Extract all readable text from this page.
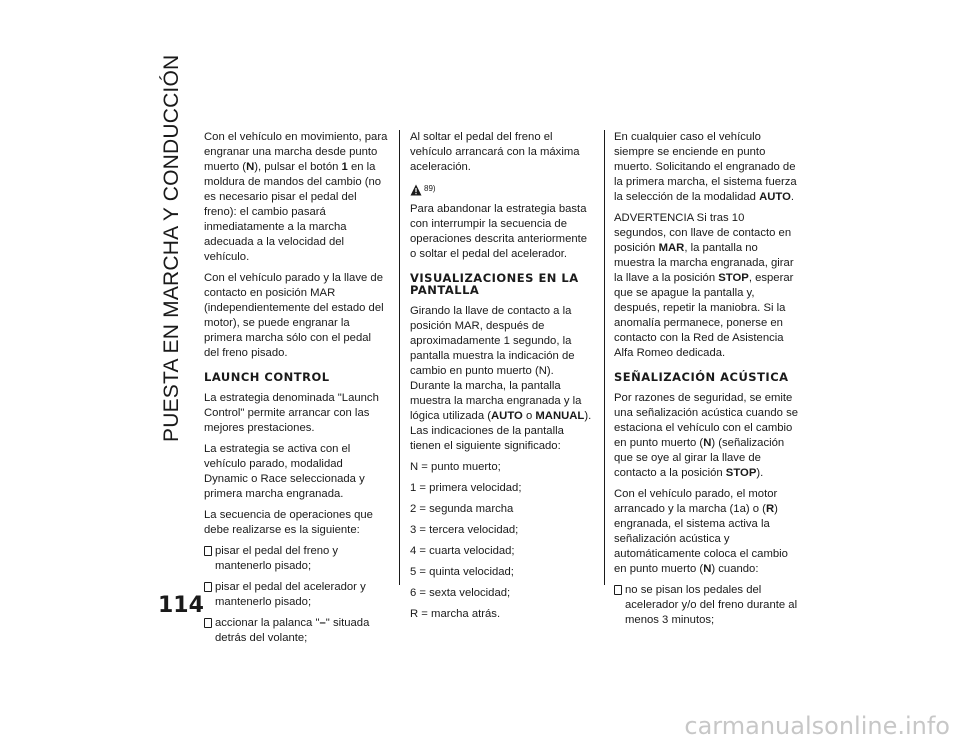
PUESTA EN MARCHA Y CONDUCCIÓN Con el vehículo en movimiento, para engranar una marcha desde punto muerto (N), pulsar el botón 1 en la moldura de mandos del cambio (no es necesario pisar el pedal del freno): el cambio pasará inmediatamente a la marcha adecuada a la velocidad del vehículo.

Con el vehículo parado y la llave de contacto en posición MAR (independientemente del estado del motor), se puede engranar la primera marcha sólo con el pedal del freno pisado.

LAUNCH CONTROL

La estrategia denominada "Launch Control" permite arrancar con las mejores prestaciones.

La estrategia se activa con el vehículo parado, modalidad Dynamic o Race seleccionada y primera marcha engranada.

La secuencia de operaciones que debe realizarse es la siguiente:

pisar el pedal del freno y mantenerlo pisado;
pisar el pedal del acelerador y mantenerlo pisado;
accionar la palanca "–" situada detrás del volante;

Al soltar el pedal del freno el vehículo arrancará con la máxima aceleración.

89)

Para abandonar la estrategia basta con interrumpir la secuencia de operaciones descrita anteriormente o soltar el pedal del acelerador.

VISUALIZACIONES EN LA PANTALLA

Girando la llave de contacto a la posición MAR, después de aproximadamente 1 segundo, la pantalla muestra la indicación de cambio en punto muerto (N). Durante la marcha, la pantalla muestra la marcha engranada y la lógica utilizada (AUTO o MANUAL). Las indicaciones de la pantalla tienen el siguiente significado:

N = punto muerto;

1 = primera velocidad;

2 = segunda marcha

3 = tercera velocidad;

4 = cuarta velocidad;

5 = quinta velocidad;

6 = sexta velocidad;

R = marcha atrás.

En cualquier caso el vehículo siempre se enciende en punto muerto. Solicitando el engranado de la primera marcha, el sistema fuerza la selección de la modalidad AUTO.

ADVERTENCIA Si tras 10 segundos, con llave de contacto en posición MAR, la pantalla no muestra la marcha engranada, girar la llave a la posición STOP, esperar que se apague la pantalla y, después, repetir la maniobra. Si la anomalía permanece, ponerse en contacto con la Red de Asistencia Alfa Romeo dedicada.

SEÑALIZACIÓN ACÚSTICA

Por razones de seguridad, se emite una señalización acústica cuando se estaciona el vehículo con el cambio en punto muerto (N) (señalización que se oye al girar la llave de contacto a la posición STOP).

Con el vehículo parado, el motor arrancado y la marcha (1a) o (R) engranada, el sistema activa la señalización acústica y automáticamente coloca el cambio en punto muerto (N) cuando:

no se pisan los pedales del acelerador y/o del freno durante al menos 3 minutos;
114
carmanualsonline.info
